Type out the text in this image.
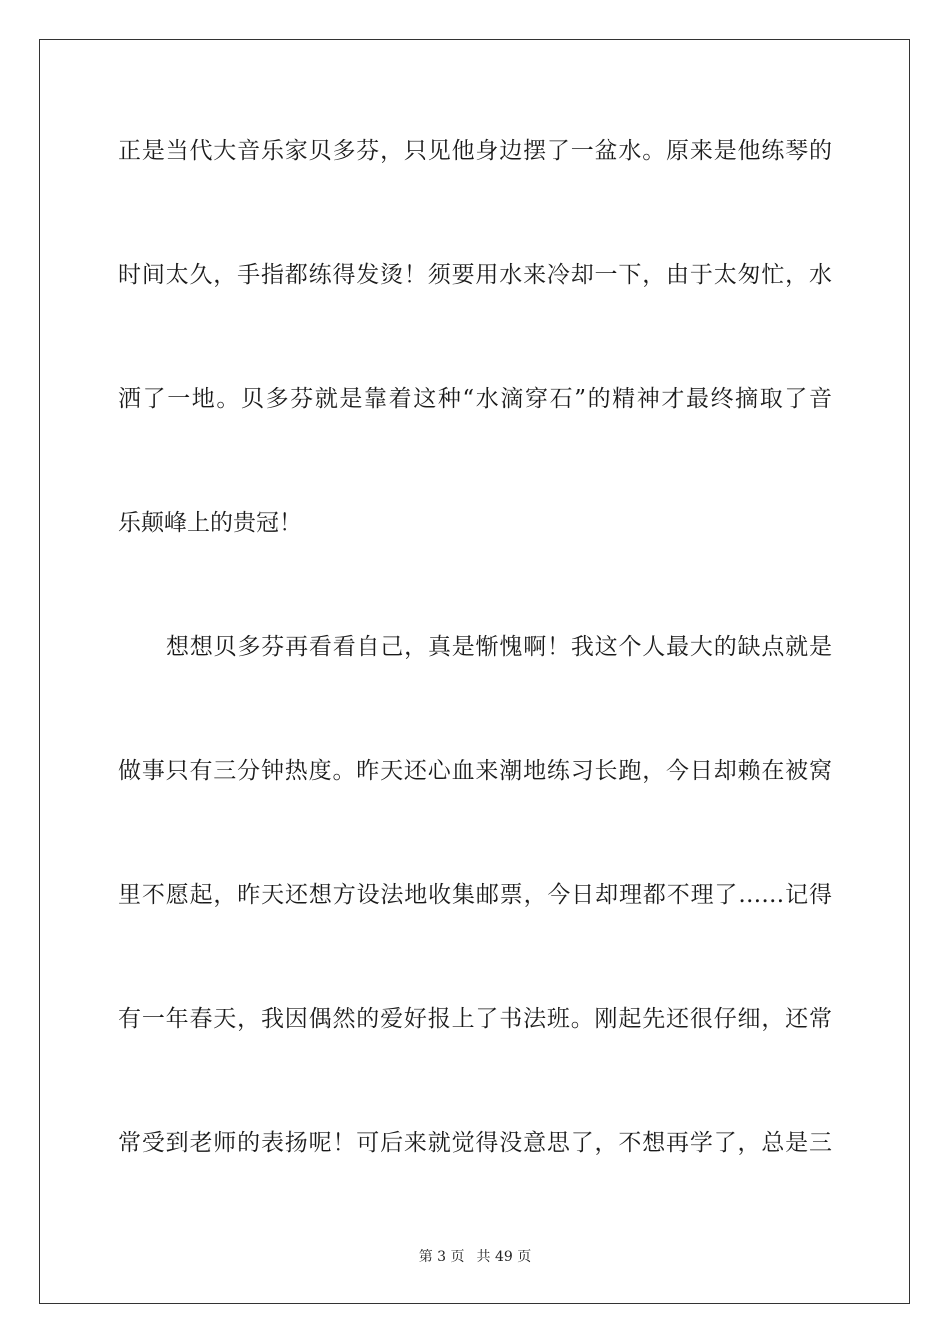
正是当代大音乐家贝多芬，只见他身边摆了一盆水。原来是他练琴的
时间太久，手指都练得发烫！须要用水来冷却一下，由于太匆忙，水
洒了一地。贝多芬就是靠着这种“水滴穿石”的精神才最终摘取了音
乐颠峰上的贵冠！
想想贝多芬再看看自己，真是惭愧啊！我这个人最大的缺点就是
做事只有三分钟热度。昨天还心血来潮地练习长跑，今日却赖在被窝
里不愿起，昨天还想方设法地收集邮票，今日却理都不理了……记得
有一年春天，我因偶然的爱好报上了书法班。刚起先还很仔细，还常
常受到老师的表扬呢！可后来就觉得没意思了，不想再学了，总是三
第 3 页 共 49 页
